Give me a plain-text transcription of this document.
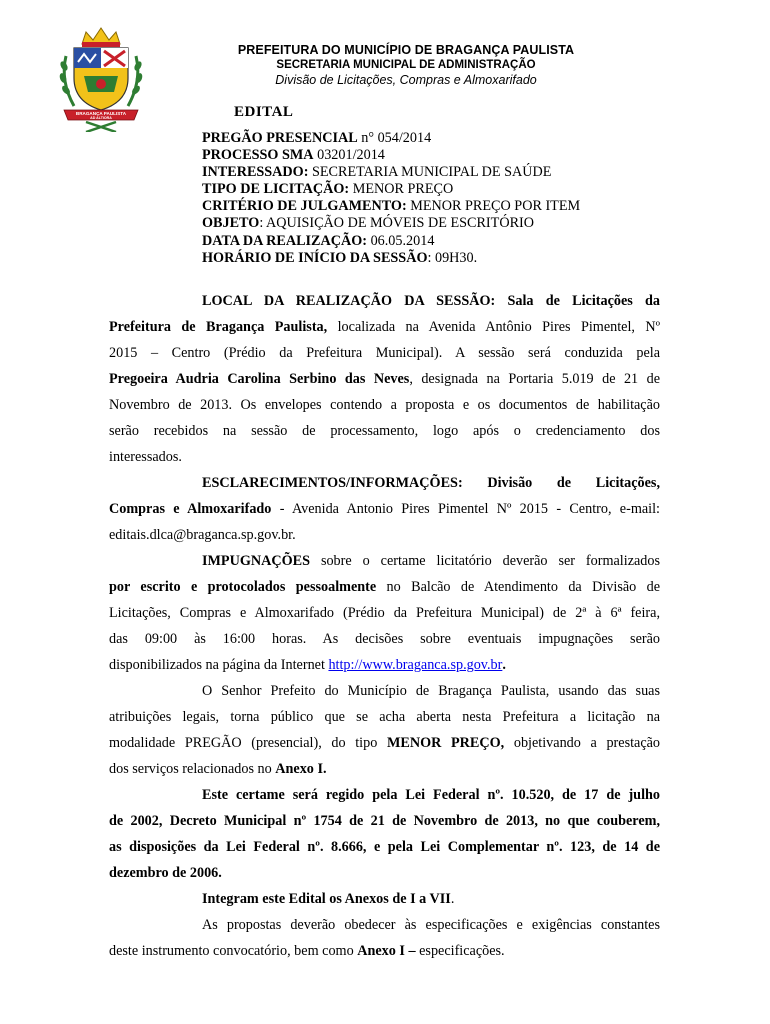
BRAGANÇA PAULISTA
AD ALTIORA
PREFEITURA DO MUNICÍPIO DE BRAGANÇA PAULISTA
SECRETARIA MUNICIPAL DE ADMINISTRAÇÃO
Divisão de Licitações, Compras e Almoxarifado
EDITAL
PREGÃO PRESENCIAL n° 054/2014
PROCESSO SMA 03201/2014
INTERESSADO: SECRETARIA MUNICIPAL DE SAÚDE
TIPO DE LICITAÇÃO: MENOR PREÇO
CRITÉRIO DE JULGAMENTO: MENOR PREÇO POR ITEM
OBJETO: AQUISIÇÃO DE MÓVEIS DE ESCRITÓRIO
DATA DA REALIZAÇÃO: 06.05.2014
HORÁRIO DE INÍCIO DA SESSÃO: 09H30.
LOCAL DA REALIZAÇÃO DA SESSÃO: Sala de Licitações da
Prefeitura de Bragança Paulista, localizada na Avenida Antônio Pires Pimentel, Nº
2015 – Centro (Prédio da Prefeitura Municipal). A sessão será conduzida pela
Pregoeira Audria Carolina Serbino das Neves, designada na Portaria 5.019 de 21 de
Novembro de 2013. Os envelopes contendo a proposta e os documentos de habilitação
serão recebidos na sessão de processamento, logo após o credenciamento dos
interessados.
ESCLARECIMENTOS/INFORMAÇÕES: Divisão de Licitações,
Compras e Almoxarifado - Avenida Antonio Pires Pimentel Nº 2015 - Centro, e-mail:
editais.dlca@braganca.sp.gov.br.
IMPUGNAÇÕES sobre o certame licitatório deverão ser formalizados
por escrito e protocolados pessoalmente no Balcão de Atendimento da Divisão de
Licitações, Compras e Almoxarifado (Prédio da Prefeitura Municipal) de 2ª à 6ª feira,
das 09:00 às 16:00 horas. As decisões sobre eventuais impugnações serão
disponibilizados na página da Internet http://www.braganca.sp.gov.br.
O Senhor Prefeito do Município de Bragança Paulista, usando das suas
atribuições legais, torna público que se acha aberta nesta Prefeitura a licitação na
modalidade PREGÃO (presencial), do tipo MENOR PREÇO, objetivando a prestação
dos serviços relacionados no Anexo I.
Este certame será regido pela Lei Federal nº. 10.520, de 17 de julho
de 2002, Decreto Municipal nº 1754 de 21 de Novembro de 2013, no que couberem,
as disposições da Lei Federal nº. 8.666, e pela Lei Complementar nº. 123, de 14 de
dezembro de 2006.
Integram este Edital os Anexos de I a VII.
As propostas deverão obedecer às especificações e exigências constantes
deste instrumento convocatório, bem como Anexo I – especificações.
